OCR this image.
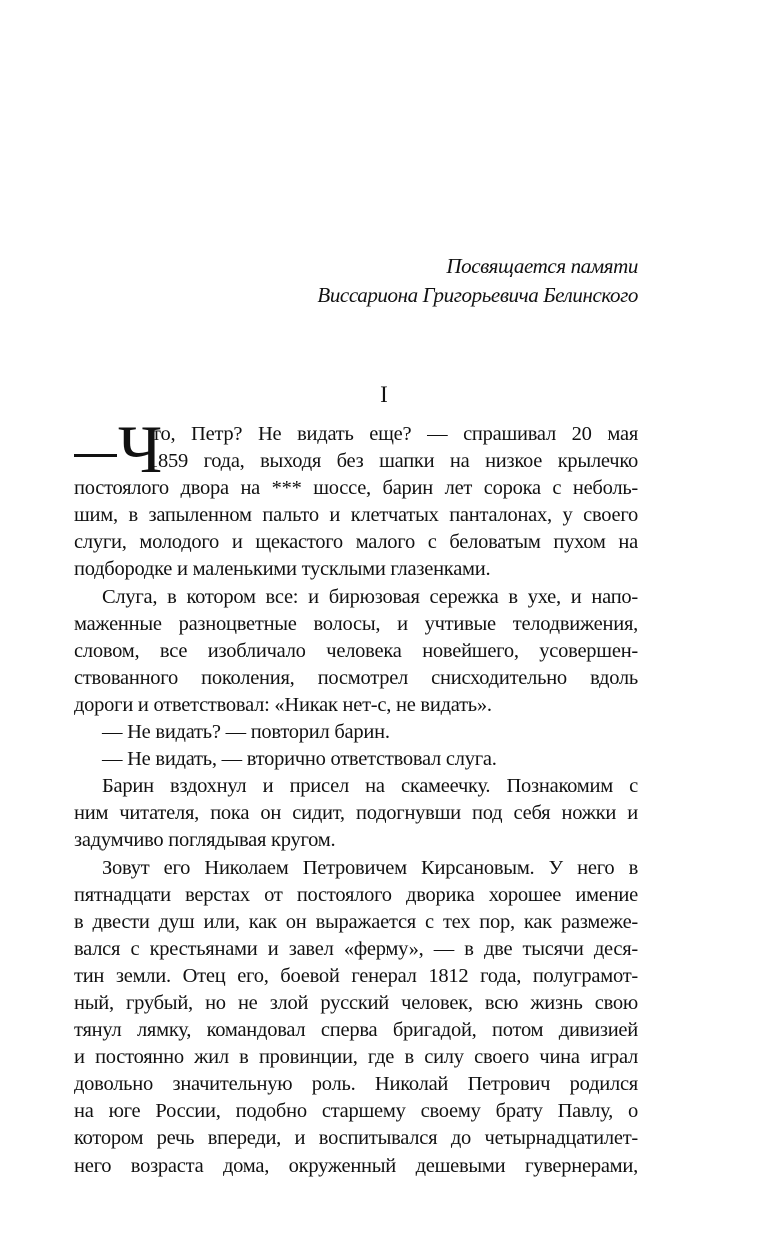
Посвящается памяти
Виссариона Григорьевича Белинского
I
Ч
то, Петр? Не видать еще? — спрашивал 20 мая
1859 года, выходя без шапки на низкое крылечко
постоялого двора на *** шоссе, барин лет сорока с неболь-
шим, в запыленном пальто и клетчатых панталонах, у своего
слуги, молодого и щекастого малого с беловатым пухом на
подбородке и маленькими тусклыми глазенками.
Слуга, в котором все: и бирюзовая сережка в ухе, и напо-
маженные разноцветные волосы, и учтивые телодвижения,
словом, все изобличало человека новейшего, усовершен-
ствованного поколения, посмотрел снисходительно вдоль
дороги и ответствовал: «Никак нет-с, не видать».
— Не видать? — повторил барин.
— Не видать, — вторично ответствовал слуга.
Барин вздохнул и присел на скамеечку. Познакомим с
ним читателя, пока он сидит, подогнувши под себя ножки и
задумчиво поглядывая кругом.
Зовут его Николаем Петровичем Кирсановым. У него в
пятнадцати верстах от постоялого дворика хорошее имение
в двести душ или, как он выражается с тех пор, как размеже-
вался с крестьянами и завел «ферму», — в две тысячи деся-
тин земли. Отец его, боевой генерал 1812 года, полуграмот-
ный, грубый, но не злой русский человек, всю жизнь свою
тянул лямку, командовал сперва бригадой, потом дивизией
и постоянно жил в провинции, где в силу своего чина играл
довольно значительную роль. Николай Петрович родился
на юге России, подобно старшему своему брату Павлу, о
котором речь впереди, и воспитывался до четырнадцатилет-
него возраста дома, окруженный дешевыми гувернерами,
